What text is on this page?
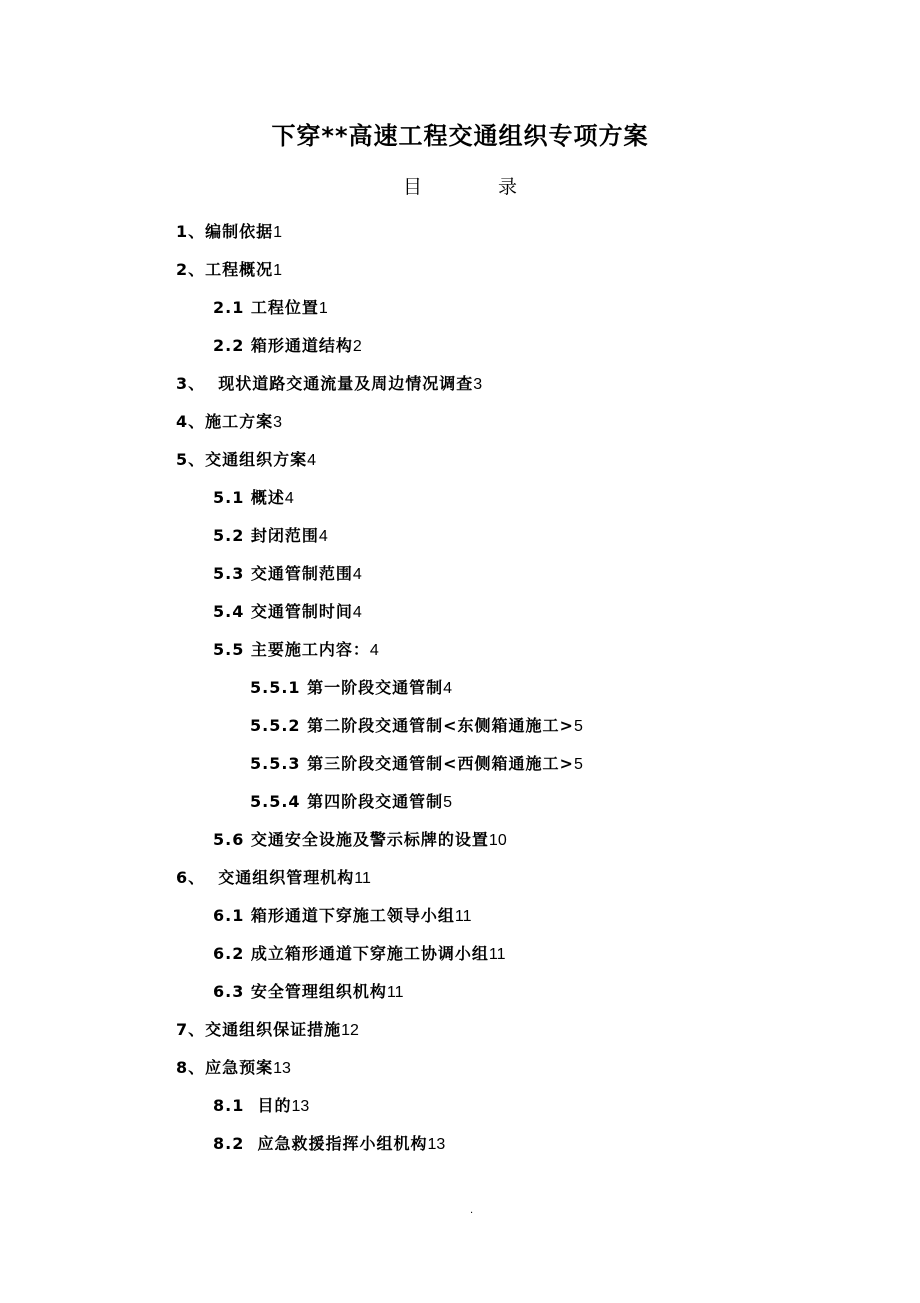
下穿**高速工程交通组织专项方案
目	录
1、编制依据1
2、工程概况1
2.1 工程位置1
2.2 箱形通道结构2
3、  现状道路交通流量及周边情况调查3
4、施工方案3
5、交通组织方案4
5.1 概述4
5.2 封闭范围4
5.3 交通管制范围4
5.4 交通管制时间4
5.5 主要施工内容：4
5.5.1 第一阶段交通管制4
5.5.2 第二阶段交通管制<东侧箱通施工>5
5.5.3 第三阶段交通管制<西侧箱通施工>5
5.5.4 第四阶段交通管制5
5.6 交通安全设施及警示标牌的设置10
6、  交通组织管理机构11
6.1 箱形通道下穿施工领导小组11
6.2 成立箱形通道下穿施工协调小组11
6.3 安全管理组织机构11
7、交通组织保证措施12
8、应急预案13
8.1  目的13
8.2  应急救援指挥小组机构13
.
